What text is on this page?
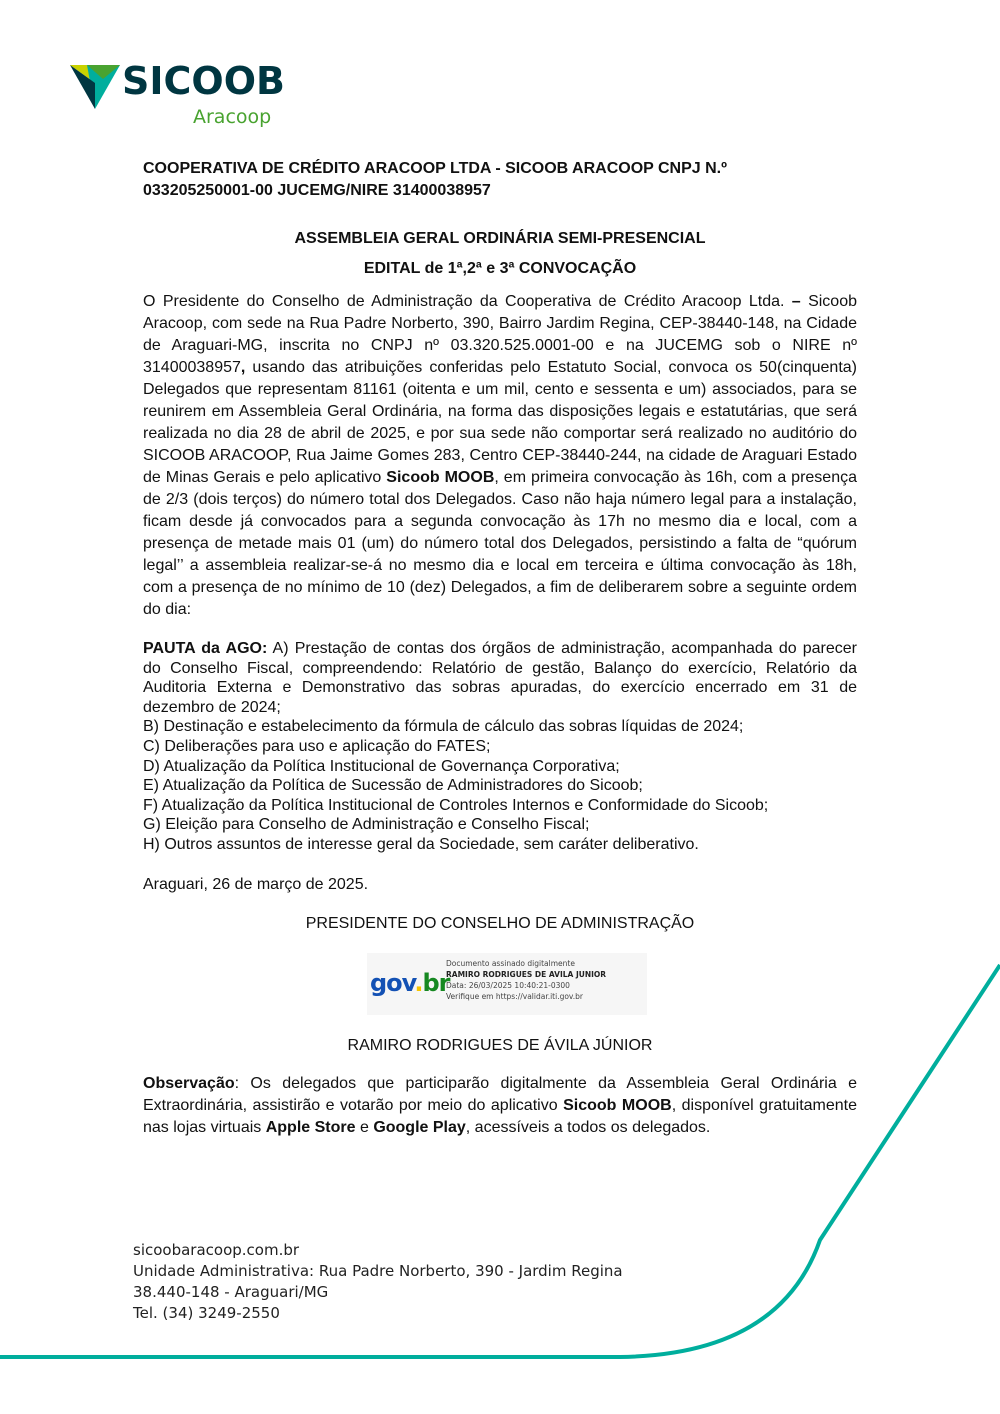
SICOOB
Aracoop

COOPERATIVA DE CRÉDITO ARACOOP LTDA - SICOOB ARACOOP CNPJ N.º
033205250001-00 JUCEMG/NIRE 31400038957

ASSEMBLEIA GERAL ORDINÁRIA SEMI-PRESENCIAL

EDITAL de 1ª,2ª e 3ª CONVOCAÇÃO

O Presidente do Conselho de Administração da Cooperativa de Crédito Aracoop Ltda. – Sicoob Aracoop, com sede na Rua Padre Norberto, 390, Bairro Jardim Regina, CEP-38440-148, na Cidade de Araguari-MG, inscrita no CNPJ nº 03.320.525.0001-00 e na JUCEMG sob o NIRE nº 31400038957, usando das atribuições conferidas pelo Estatuto Social, convoca os 50(cinquenta) Delegados que representam 81161 (oitenta e um mil, cento e sessenta e um) associados, para se reunirem em Assembleia Geral Ordinária, na forma das disposições legais e estatutárias, que será realizada no dia 28 de abril de 2025, e por sua sede não comportar será realizado no auditório do SICOOB ARACOOP, Rua Jaime Gomes 283, Centro CEP-38440-244, na cidade de Araguari Estado de Minas Gerais e pelo aplicativo Sicoob MOOB, em primeira convocação às 16h, com a presença de 2/3 (dois terços) do número total dos Delegados. Caso não haja número legal para a instalação, ficam desde já convocados para a segunda convocação às 17h no mesmo dia e local, com a presença de metade mais 01 (um) do número total dos Delegados, persistindo a falta de “quórum legal’’ a assembleia realizar-se-á no mesmo dia e local em terceira e última convocação às 18h, com a presença de no mínimo de 10 (dez) Delegados, a fim de deliberarem sobre a seguinte ordem do dia:

PAUTA da AGO: A) Prestação de contas dos órgãos de administração, acompanhada do parecer do Conselho Fiscal, compreendendo: Relatório de gestão, Balanço do exercício, Relatório da Auditoria Externa e Demonstrativo das sobras apuradas, do exercício encerrado em 31 de dezembro de 2024;
B) Destinação e estabelecimento da fórmula de cálculo das sobras líquidas de 2024;
C) Deliberações para uso e aplicação do FATES;
D) Atualização da Política Institucional de Governança Corporativa;
E) Atualização da Política de Sucessão de Administradores do Sicoob;
F) Atualização da Política Institucional de Controles Internos e Conformidade do Sicoob;
G) Eleição para Conselho de Administração e Conselho Fiscal;
H) Outros assuntos de interesse geral da Sociedade, sem caráter deliberativo.

Araguari, 26 de março de 2025.

PRESIDENTE DO CONSELHO DE ADMINISTRAÇÃO

gov.br
Documento assinado digitalmente
RAMIRO RODRIGUES DE AVILA JUNIOR
Data: 26/03/2025 10:40:21-0300
Verifique em https://validar.iti.gov.br

RAMIRO RODRIGUES DE ÁVILA JÚNIOR

Observação: Os delegados que participarão digitalmente da Assembleia Geral Ordinária e Extraordinária, assistirão e votarão por meio do aplicativo Sicoob MOOB, disponível gratuitamente nas lojas virtuais Apple Store e Google Play, acessíveis a todos os delegados.

sicoobaracoop.com.br
Unidade Administrativa: Rua Padre Norberto, 390 - Jardim Regina
38.440-148 - Araguari/MG
Tel. (34) 3249-2550
